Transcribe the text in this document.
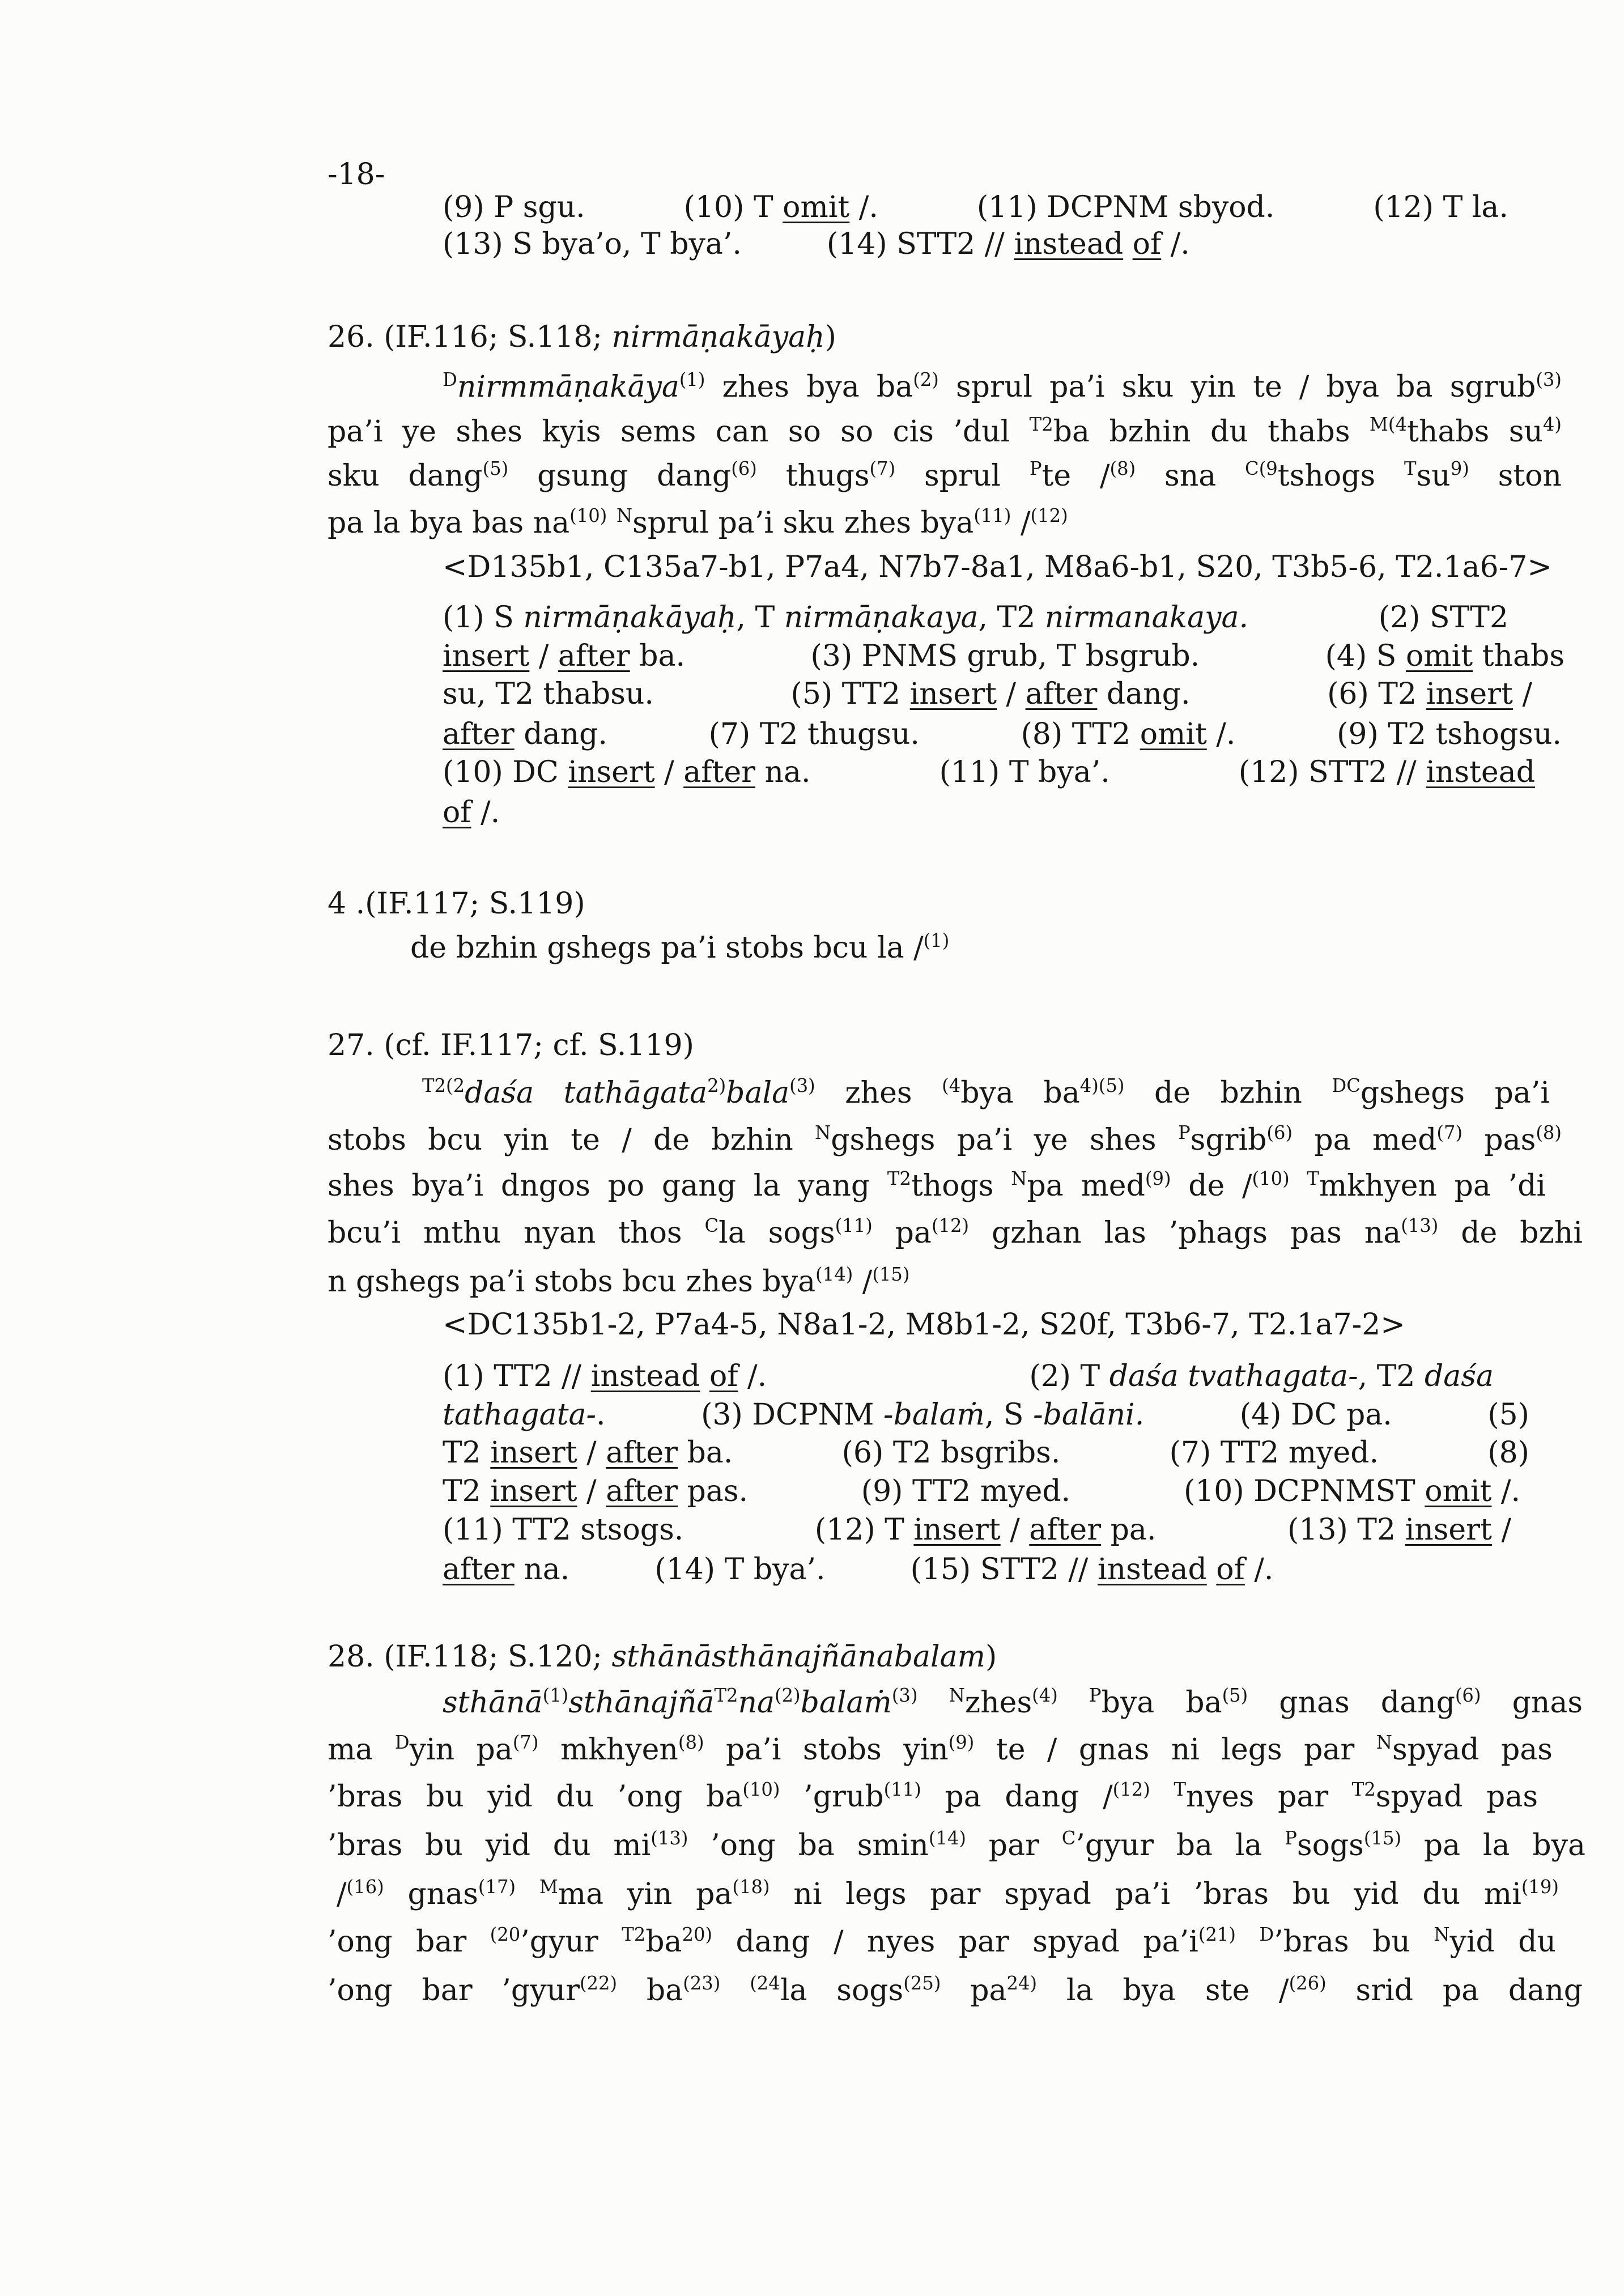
-18-
(9) P sgu.	(10) T omit /.	(11) DCPNM sbyod.	(12) T la.
(13) S bya’o, T bya’.	(14) STT2 // instead of /.
26. (IF.116; S.118; nirmāṇakāyaḥ)
$^D$nirmmāṇakāya$^{(1)}$ zhes bya $ba^{(2)}$ sprul pa’i sku yin te / bya ba sgrub$^{(3)}$
pa’i ye shes kyis sems can so so cis ’dul $^{T2}$ba bzhin du thabs $^{M(4}$thabs $su^{4)}$
sku dang$^{(5)}$ gsung dang$^{(6)}$ thugs$^{(7)}$ sprul $^P$te /$^{(8)}$ sna $^{C(9}$tshogs $^Tsu^{9)}$ ston
pa la bya bas $na^{(10)}$ $^N$sprul pa’i sku zhes bya$^{(11)}$ /$^{(12)}$
<D135b1, C135a7-b1, P7a4, N7b7-8a1, M8a6-b1, S20, T3b5-6, T2.1a6-7>
(1) S nirmāṇakāyaḥ, T nirmāṇakaya, T2 nirmanakaya.	(2) STT2
insert / after ba.	(3) PNMS grub, T bsgrub.	(4) S omit thabs
su, T2 thabsu.	(5) TT2 insert / after dang.	(6) T2 insert /
after dang.	(7) T2 thugsu.	(8) TT2 omit /.	(9) T2 tshogsu.
(10) DC insert / after na.	(11) T bya’.	(12) STT2 // instead
of /.
4 .(IF.117; S.119)
de bzhin gshegs pa’i stobs bcu la /$^{(1)}$
27. (cf. IF.117; cf. S.119)
$^{T2(2}$daśa tathāgata$^{2)}$bala$^{(3)}$ zhes $^{(4}$bya $ba^{4)(5)}$ de bzhin $^{DC}$gshegs pa’i
stobs bcu yin te / de bzhin $^N$gshegs pa’i ye shes $^P$sgrib$^{(6)}$ pa med$^{(7)}$ pas$^{(8)}$
shes bya’i dngos po gang la yang $^{T2}$thogs $^N$pa med$^{(9)}$ de /$^{(10)}$ $^T$mkhyen pa ’di
bcu’i mthu nyan thos $^C$la sogs$^{(11)}$ $pa^{(12)}$ gzhan las ’phags pas $na^{(13)}$ de bzhi
n gshegs pa’i stobs bcu zhes bya$^{(14)}$ /$^{(15)}$
<DC135b1-2, P7a4-5, N8a1-2, M8b1-2, S20f, T3b6-7, T2.1a7-2>
(1) TT2 // instead of /.	(2) T daśa tvathagata-, T2 daśa
tathagata-.	(3) DCPNM -balaṁ, S -balāni.	(4) DC pa.	(5)
T2 insert / after ba.	(6) T2 bsgribs.	(7) TT2 myed.	(8)
T2 insert / after pas.	(9) TT2 myed.	(10) DCPNMST omit /.
(11) TT2 stsogs.	(12) T insert / after pa.	(13) T2 insert /
after na.	(14) T bya’.	(15) STT2 // instead of /.
28. (IF.118; S.120; sthānāsthānajñānabalam)
$sthānā^{(1)}sthānajñā^{T2}na^{(2)}balaṁ^{(3)}$ $^N$zhes$^{(4)}$ $^P$bya $ba^{(5)}$ gnas dang$^{(6)}$ gnas
ma $^D$yin $pa^{(7)}$ mkhyen$^{(8)}$ pa’i stobs yin$^{(9)}$ te / gnas ni legs par $^N$spyad pas
’bras bu yid du ’ong $ba^{(10)}$ ’grub$^{(11)}$ pa dang /$^{(12)}$ $^T$nyes par $^{T2}$spyad pas
’bras bu yid du $mi^{(13)}$ ’ong ba smin$^{(14)}$ par $^C$’gyur ba la $^P$sogs$^{(15)}$ pa la bya
/$^{(16)}$ gnas$^{(17)}$ $^M$ma yin $pa^{(18)}$ ni legs par spyad pa’i ’bras bu yid du $mi^{(19)}$
’ong bar $^{(20}$’gyur $^{T2}ba^{20)}$ dang / nyes par spyad $pa’i^{(21)}$ $^D$’bras bu $^N$yid du
’ong bar ’gyur$^{(22)}$ $ba^{(23)}$ $^{(24}$la sogs$^{(25)}$ $pa^{24)}$ la bya ste /$^{(26)}$ srid pa dang
